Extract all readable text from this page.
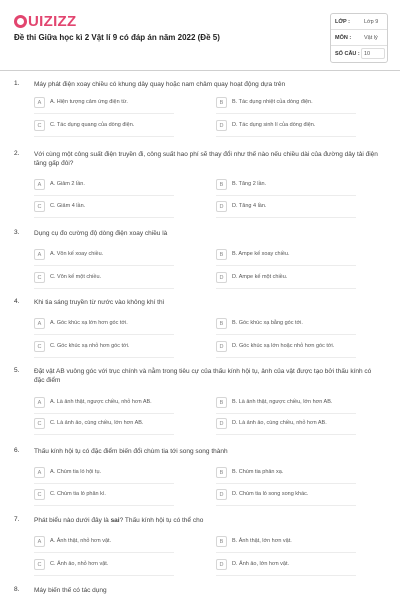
UIZIZZ
Đề thi Giữa học kì 2 Vật lí 9 có đáp án năm 2022 (Đề 5)
LỚP :	Lớp 9
MÔN : Vật lý
SỐ CÂU : 10
1. Máy phát điện xoay chiều có khung dây quay hoặc nam châm quay hoạt động dựa trên
A	A. Hiện tượng cảm ứng điện từ.	B	B. Tác dụng nhiệt của dòng điện.
C	C. Tác dụng quang của dòng điện.	D	D. Tác dụng sinh lí của dòng điện.
2. Với cùng một công suất điện truyền đi, công suất hao phí sẽ thay đổi như thế nào nếu chiều dài của đường dây tải điện tăng gấp đôi?
A	A. Giảm 2 lần.	B	B. Tăng 2 lần.
C	C. Giảm 4 lần.	D	D. Tăng 4 lần.
3. Dụng cụ đo cường độ dòng điện xoay chiều là
A	A. Vôn kế xoay chiều.	B	B. Ampe kế xoay chiều.
C	C. Vôn kế một chiều.	D	D. Ampe kế một chiều.
4. Khi tia sáng truyền từ nước vào không khí thì
A	A. Góc khúc xạ lớn hơn góc tới.	B	B. Góc khúc xạ bằng góc tới.
C	C. Góc khúc xạ nhỏ hơn góc tới.	D	D. Góc khúc xạ lớn hoặc nhỏ hơn góc tới.
5. Đặt vật AB vuông góc với trục chính và nằm trong tiêu cự của thấu kính hội tụ, ảnh của vật được tạo bởi thấu kính có đặc điểm
A	A. Là ảnh thật, ngược chiều, nhỏ hơn AB.	B	B. Là ảnh thật, ngược chiều, lớn hơn AB.
C	C. Là ảnh ảo, cùng chiều, lớn hơn AB.	D	D. Là ảnh ảo, cùng chiều, nhỏ hơn AB.
6. Thấu kính hội tụ có đặc điểm biến đổi chùm tia tới song song thành
A	A. Chùm tia ló hội tụ.	B	B. Chùm tia phản xạ.
C	C. Chùm tia ló phân kì.	D	D. Chùm tia ló song song khác.
7. Phát biểu nào dưới đây là sai? Thấu kính hội tụ có thể cho
A	A. Ảnh thật, nhỏ hơn vật.	B	B. Ảnh thật, lớn hơn vật.
C	C. Ảnh ảo, nhỏ hơn vật.	D	D. Ảnh ảo, lớn hơn vật.
8. Máy biến thế có tác dụng
